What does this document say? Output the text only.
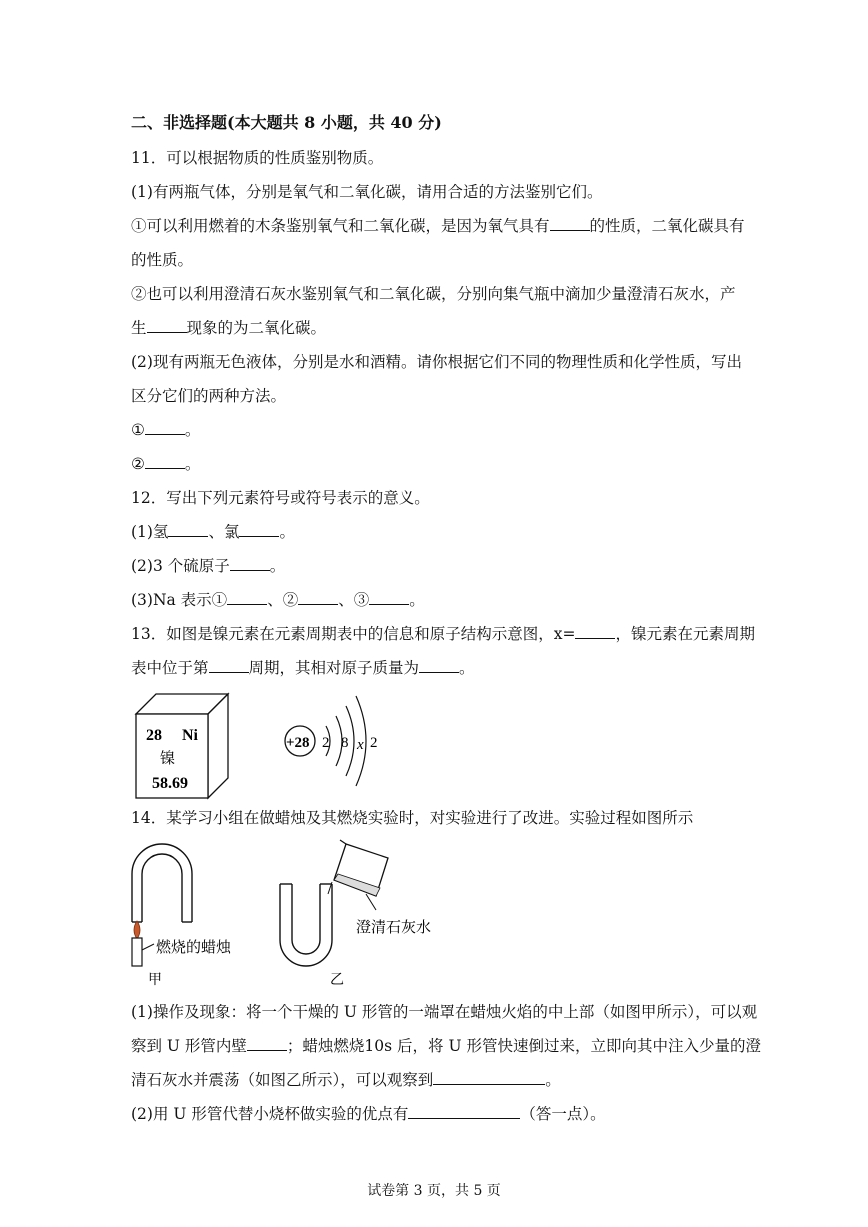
二、非选择题(本大题共 8 小题，共 40 分)
11．可以根据物质的性质鉴别物质。
(1)有两瓶气体，分别是氧气和二氧化碳，请用合适的方法鉴别它们。
①可以利用燃着的木条鉴别氧气和二氧化碳，是因为氧气具有	的性质，二氧化碳具有
的性质。
②也可以利用澄清石灰水鉴别氧气和二氧化碳，分别向集气瓶中滴加少量澄清石灰水，产
生	现象的为二氧化碳。
(2)现有两瓶无色液体，分别是水和酒精。请你根据它们不同的物理性质和化学性质，写出
区分它们的两种方法。
①	。
②	。
12．写出下列元素符号或符号表示的意义。
(1)氢	、氯	。
(2)3 个硫原子	。
(3)Na 表示①	、②	、③	。
13．如图是镍元素在元素周期表中的信息和原子结构示意图，x=	，镍元素在元素周期
表中位于第	周期，其相对原子质量为	。
28 Ni
镍
58.69
+28 2 8 x 2
14．某学习小组在做蜡烛及其燃烧实验时，对实验进行了改进。实验过程如图所示
燃烧的蜡烛
甲
澄清石灰水
乙
(1)操作及现象：将一个干燥的 U 形管的一端罩在蜡烛火焰的中上部（如图甲所示），可以观
察到 U 形管内壁	；蜡烛燃烧10s 后，将 U 形管快速倒过来，立即向其中注入少量的澄
清石灰水并震荡（如图乙所示），可以观察到	。
(2)用 U 形管代替小烧杯做实验的优点有	（答一点）。
试卷第 3 页，共 5 页
